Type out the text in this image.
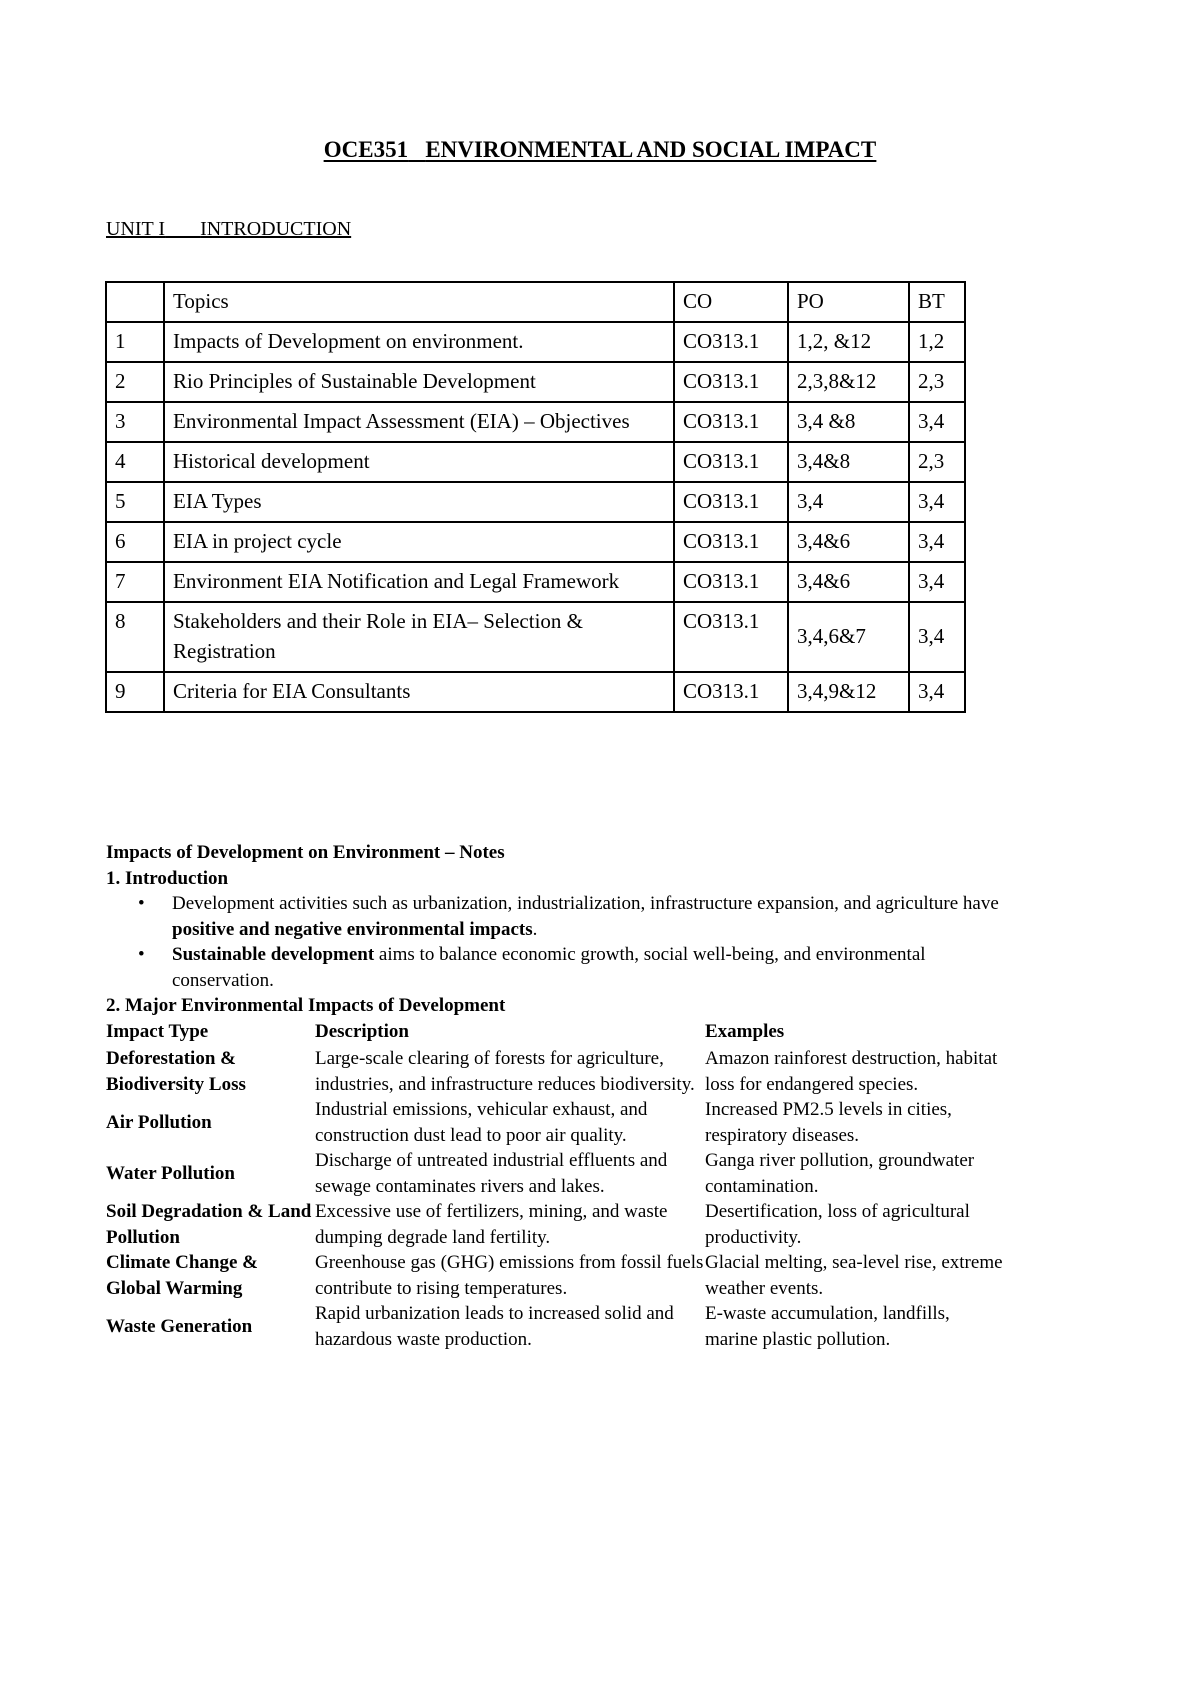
OCE351 ENVIRONMENTAL AND SOCIAL IMPACT
UNIT I INTRODUCTION
	Topics	CO	PO	BT
1	Impacts of Development on environment.	CO313.1	1,2, &12	1,2
2	Rio Principles of Sustainable Development	CO313.1	2,3,8&12	2,3
3	Environmental Impact Assessment (EIA) – Objectives	CO313.1	3,4 &8	3,4
4	Historical development	CO313.1	3,4&8	2,3
5	EIA Types	CO313.1	3,4	3,4
6	EIA in project cycle	CO313.1	3,4&6	3,4
7	Environment EIA Notification and Legal Framework	CO313.1	3,4&6	3,4
8	Stakeholders and their Role in EIA– Selection & Registration	CO313.1	3,4,6&7	3,4
9	Criteria for EIA Consultants	CO313.1	3,4,9&12	3,4
Impacts of Development on Environment – Notes
1. Introduction
• Development activities such as urbanization, industrialization, infrastructure expansion, and agriculture have positive and negative environmental impacts.
• Sustainable development aims to balance economic growth, social well-being, and environmental conservation.
2. Major Environmental Impacts of Development
Impact Type	Description	Examples
Deforestation & Biodiversity Loss	Large-scale clearing of forests for agriculture, industries, and infrastructure reduces biodiversity.	Amazon rainforest destruction, habitat loss for endangered species.
Air Pollution	Industrial emissions, vehicular exhaust, and construction dust lead to poor air quality.	Increased PM2.5 levels in cities, respiratory diseases.
Water Pollution	Discharge of untreated industrial effluents and sewage contaminates rivers and lakes.	Ganga river pollution, groundwater contamination.
Soil Degradation & Land Pollution	Excessive use of fertilizers, mining, and waste dumping degrade land fertility.	Desertification, loss of agricultural productivity.
Climate Change & Global Warming	Greenhouse gas (GHG) emissions from fossil fuels contribute to rising temperatures.	Glacial melting, sea-level rise, extreme weather events.
Waste Generation	Rapid urbanization leads to increased solid and hazardous waste production.	E-waste accumulation, landfills, marine plastic pollution.
